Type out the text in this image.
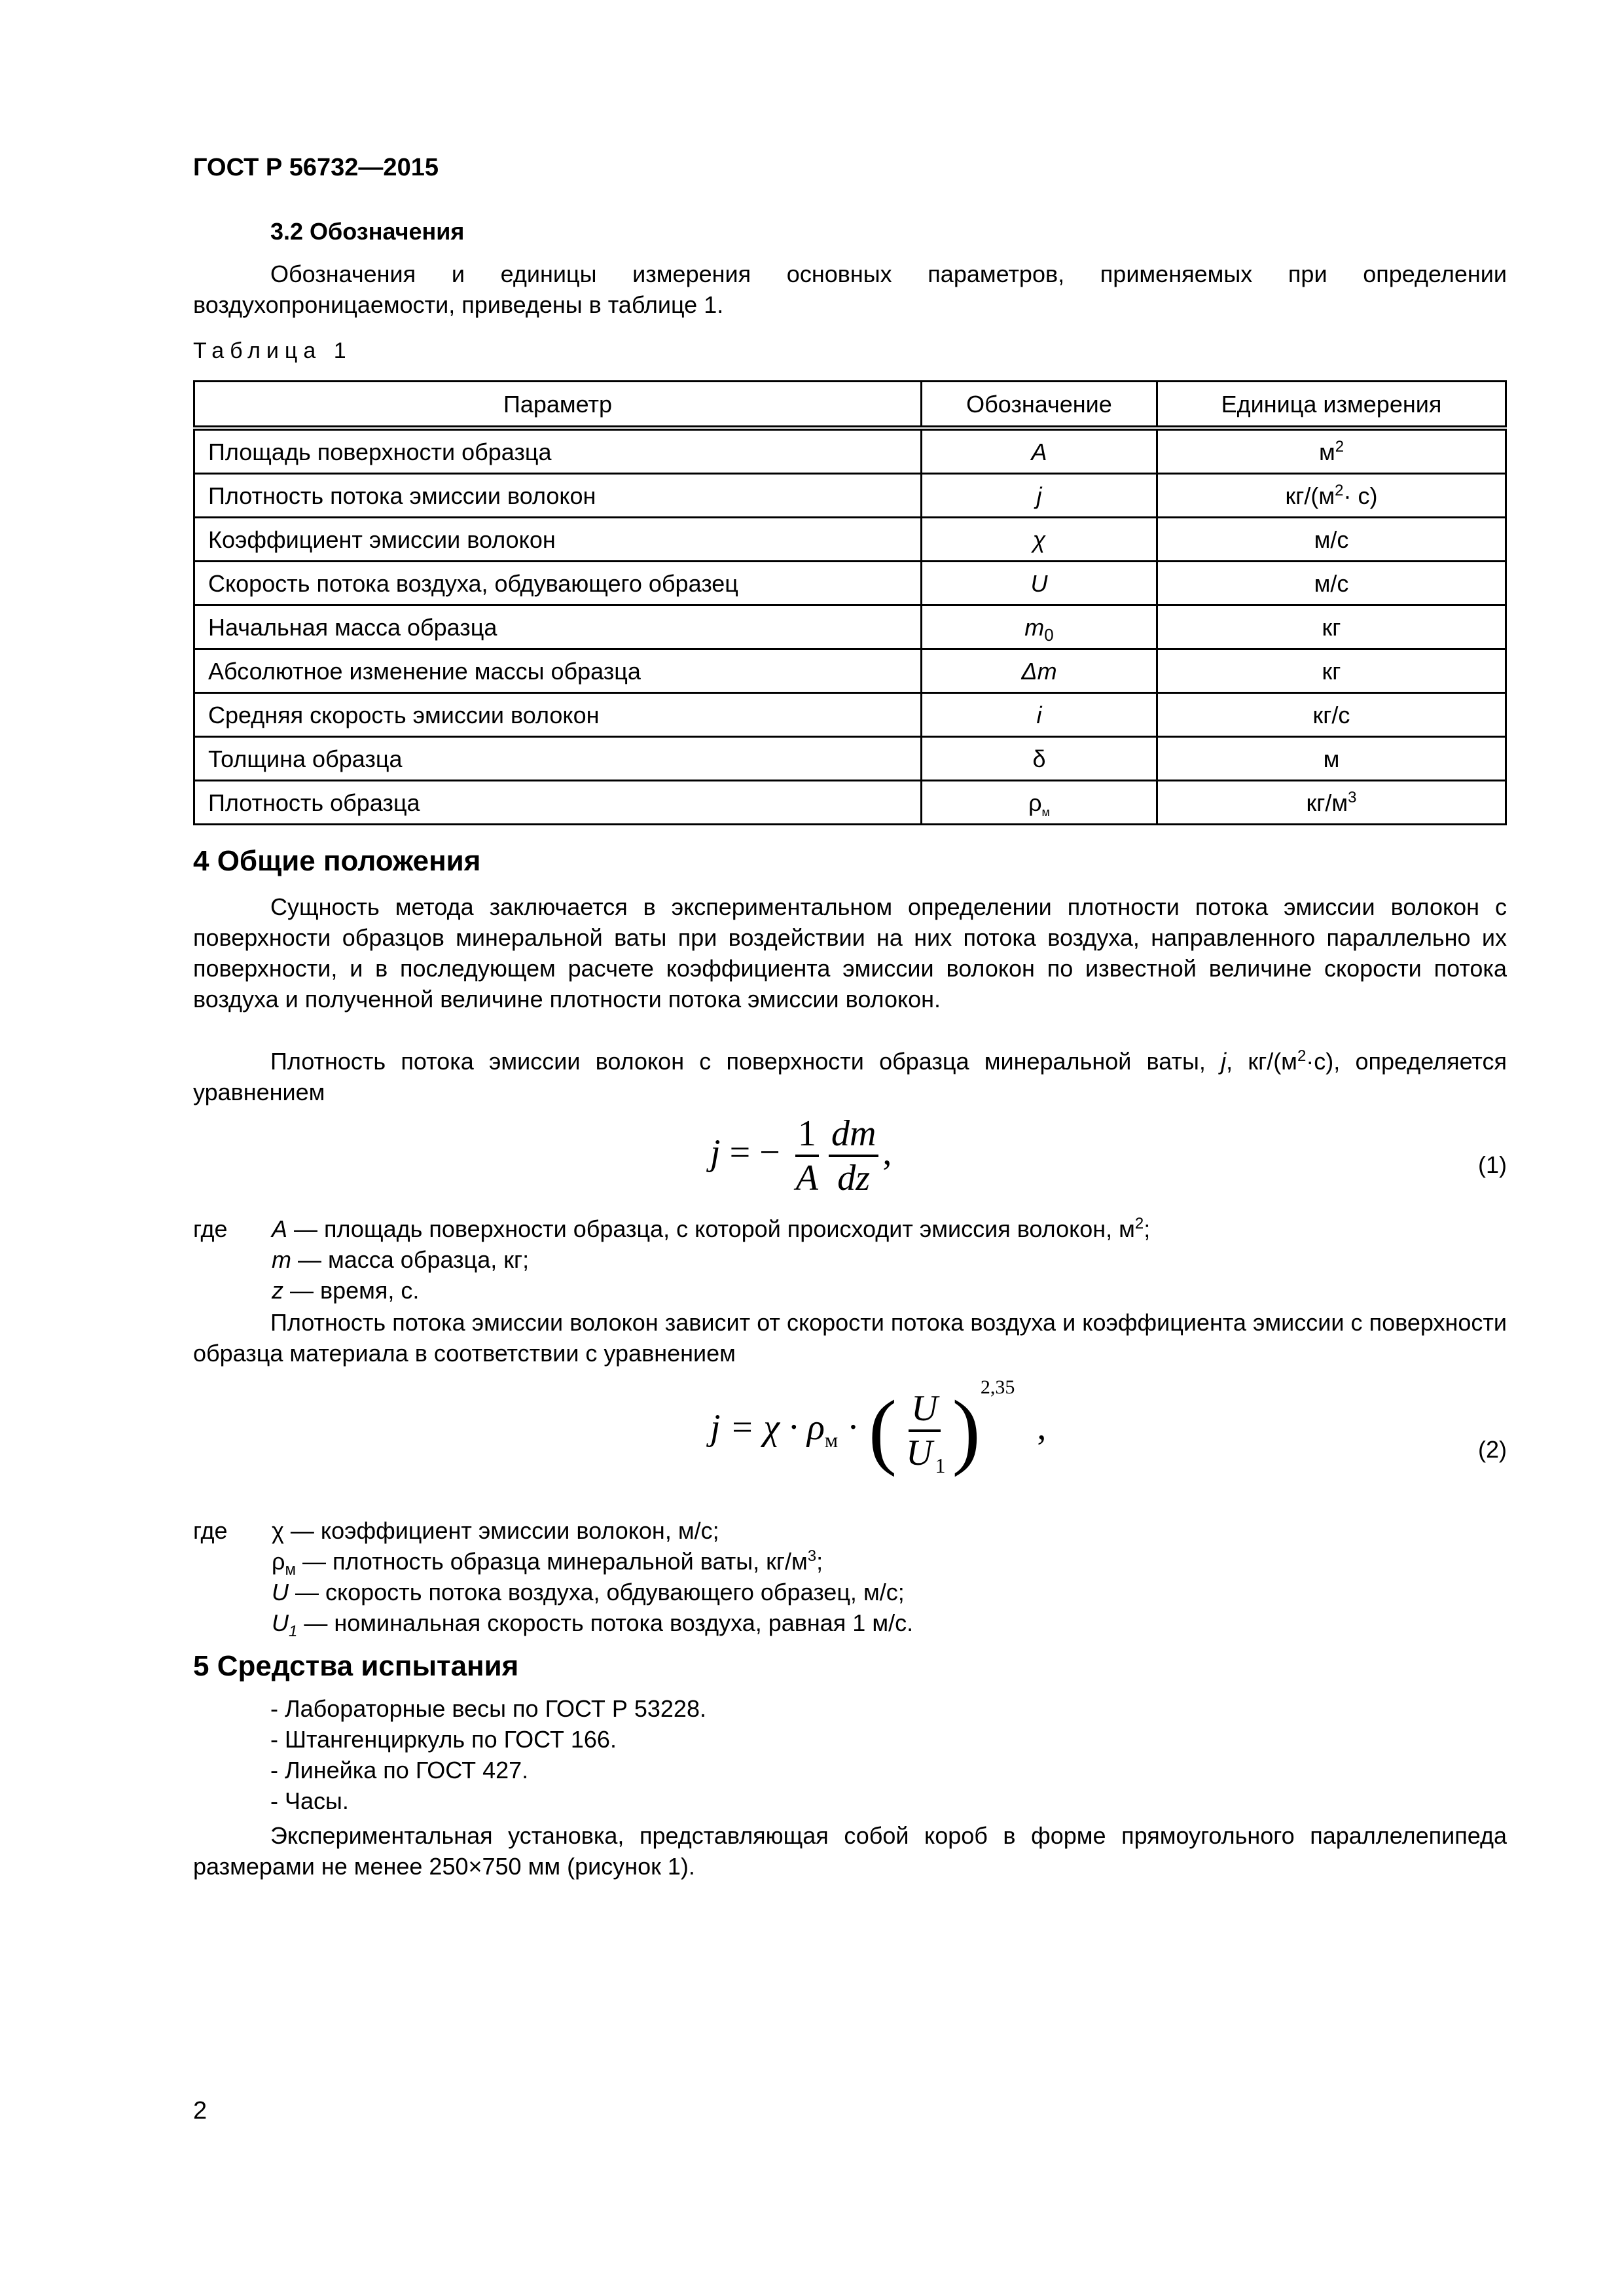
ГОСТ Р 56732—2015
3.2 Обозначения
Обозначения и единицы измерения основных параметров, применяемых при определении воздухопроницаемости, приведены в таблице 1.
Таблица 1
Параметр	Обозначение	Единица измерения
Площадь поверхности образца	A	$м^2$
Плотность потока эмиссии волокон	j	$кг/(м^2\cdot с)$
Коэффициент эмиссии волокон	χ	м/с
Скорость потока воздуха, обдувающего образец	U	м/с
Начальная масса образца	$m_0$	кг
Абсолютное изменение массы образца	Δm	кг
Средняя скорость эмиссии волокон	i	кг/с
Толщина образца	δ	м
Плотность образца	$\rho_м$	$кг/м^3$
4 Общие положения
Сущность метода заключается в экспериментальном определении плотности потока эмиссии волокон с поверхности образцов минеральной ваты при воздействии на них потока воздуха, направленного параллельно их поверхности, и в последующем расчете коэффициента эмиссии волокон по известной величине скорости потока воздуха и полученной величине плотности потока эмиссии волокон.
Плотность потока эмиссии волокон с поверхности образца минеральной ваты, j, $кг/(м^2\cdot с)$, определяется уравнением
j = − $\frac{1}{A} \frac{dm}{dz}$ ,	(1)
где A — площадь поверхности образца, с которой происходит эмиссия волокон, $м^2$;
m — масса образца, кг;
z — время, с.
Плотность потока эмиссии волокон зависит от скорости потока воздуха и коэффициента эмиссии с поверхности образца материала в соответствии с уравнением
$j = \chi \cdot \rho_м$ · ( $\frac{U}{U _1} )^{2,35}$ ,
(2)
где χ — коэффициент эмиссии волокон, м/с;
$\rho_м$ — плотность образца минеральной ваты, $кг/м^3$;
U — скорость потока воздуха, обдувающего образец, м/с;
$U_1$ — номинальная скорость потока воздуха, равная 1 м/с.
5 Средства испытания
- Лабораторные весы по ГОСТ Р 53228.
- Штангенциркуль по ГОСТ 166.
- Линейка по ГОСТ 427.
- Часы.
Экспериментальная установка, представляющая собой короб в форме прямоугольного параллелепипеда размерами не менее 250×750 мм (рисунок 1).
2
